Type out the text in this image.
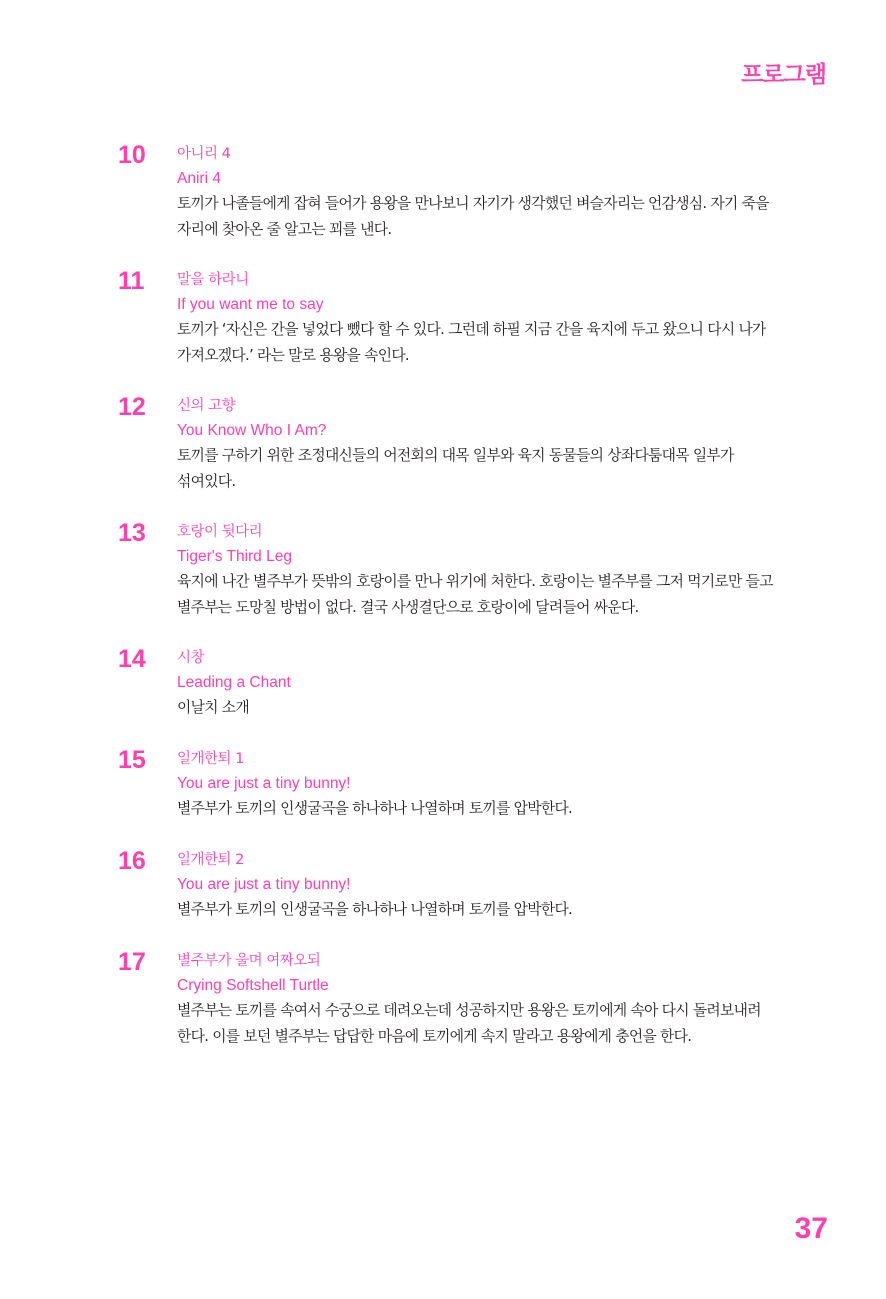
프로그램
10 아니리 4
Aniri 4
토끼가 나졸들에게 잡혀 들어가 용왕을 만나보니 자기가 생각했던 벼슬자리는 언감생심. 자기 죽을
자리에 찾아온 줄 알고는 꾀를 낸다.
11 말을 하라니
If you want me to say
토끼가 ‘자신은 간을 넣었다 뺐다 할 수 있다. 그런데 하필 지금 간을 육지에 두고 왔으니 다시 나가
가져오겠다.’ 라는 말로 용왕을 속인다.
12 신의 고향
You Know Who I Am?
토끼를 구하기 위한 조정대신들의 어전회의 대목 일부와 육지 동물들의 상좌다툼대목 일부가
섞여있다.
13 호랑이 뒷다리
Tiger's Third Leg
육지에 나간 별주부가 뜻밖의 호랑이를 만나 위기에 처한다. 호랑이는 별주부를 그저 먹기로만 들고
별주부는 도망칠 방법이 없다. 결국 사생결단으로 호랑이에 달려들어 싸운다.
14 시창
Leading a Chant
이날치 소개
15 일개한퇴 1
You are just a tiny bunny!
별주부가 토끼의 인생굴곡을 하나하나 나열하며 토끼를 압박한다.
16 일개한퇴 2
You are just a tiny bunny!
별주부가 토끼의 인생굴곡을 하나하나 나열하며 토끼를 압박한다.
17 별주부가 울며 여짜오되
Crying Softshell Turtle
별주부는 토끼를 속여서 수궁으로 데려오는데 성공하지만 용왕은 토끼에게 속아 다시 돌려보내려
한다. 이를 보던 별주부는 답답한 마음에 토끼에게 속지 말라고 용왕에게 충언을 한다.
37
